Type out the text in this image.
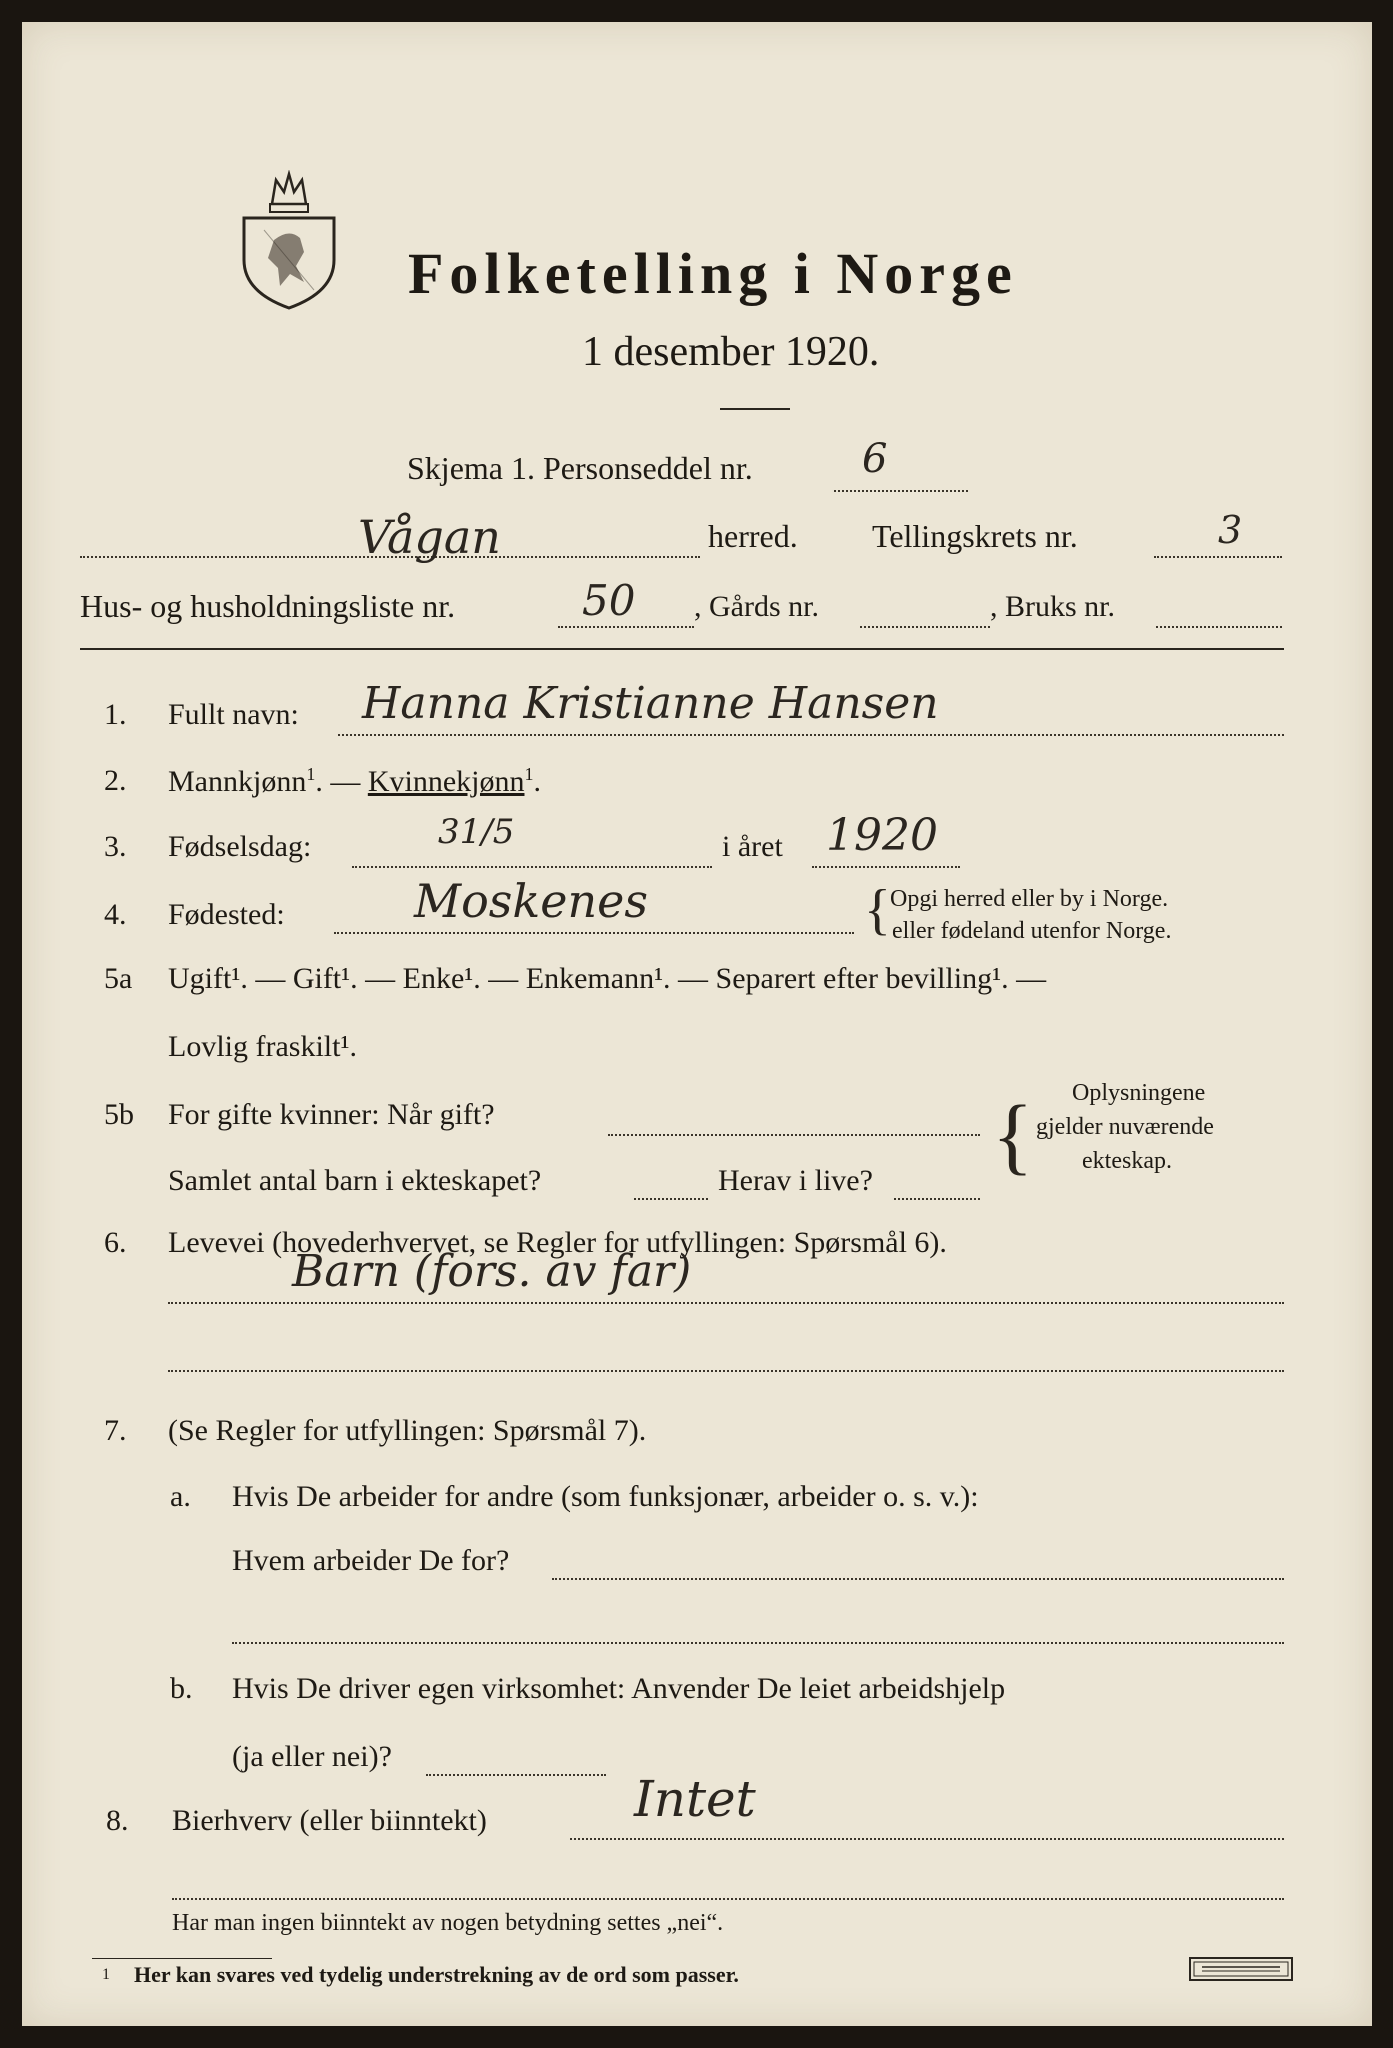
Folketelling i Norge
1 desember 1920.
Skjema 1. Personseddel nr.	6
Vågan	herred. Tellingskrets nr.	3
Hus- og husholdningsliste nr.	50 , Gårds nr.	, Bruks nr.
1. Fullt navn: Hanna Kristianne Hansen
2. Mannkjønn$^1$. — Kvinnekjønn$^1$.
3. Fødselsdag:	31/5	i året 1920
4. Fødested:	Moskenes	{ Opgi herred eller by i Norge.
eller fødeland utenfor Norge.
5a Ugift¹. — Gift¹. — Enke¹. — Enkemann¹. — Separert efter bevilling¹. —
Lovlig fraskilt¹.
5b For gifte kvinner: Når gift?
Samlet antal barn i ekteskapet?	Herav i live? { Oplysningene
gjelder nuværende
ekteskap.
6. Levevei (hovederhvervet, se Regler for utfyllingen: Spørsmål 6).
Barn (fors. av far)
7. (Se Regler for utfyllingen: Spørsmål 7).
a. Hvis De arbeider for andre (som funksjonær, arbeider o. s. v.):
Hvem arbeider De for?
b. Hvis De driver egen virksomhet: Anvender De leiet arbeidshjelp
(ja eller nei)?
8. Bierhverv (eller biinntekt)	Intet
Har man ingen biinntekt av nogen betydning settes „nei“.
1 Her kan svares ved tydelig understrekning av de ord som passer.
